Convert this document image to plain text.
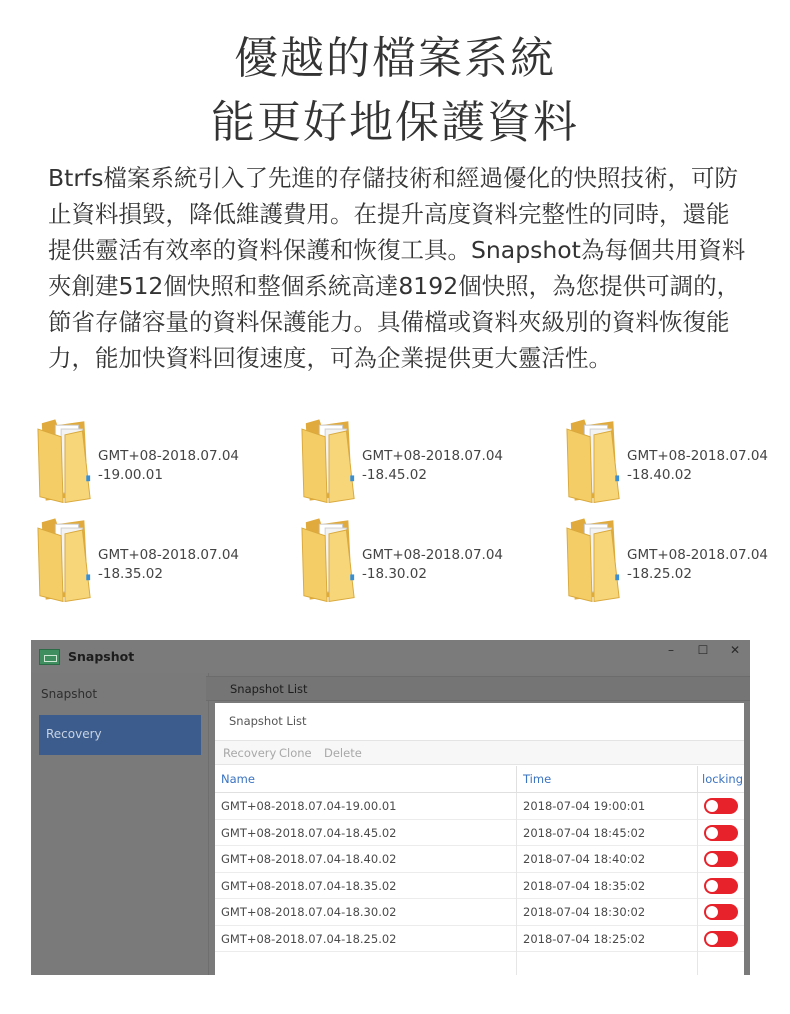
優越的檔案系統
能更好地保護資料

Btrfs檔案系統引入了先進的存儲技術和經過優化的快照技術，可防止資料損毀，降低維護費用。在提升高度資料完整性的同時，還能提供靈活有效率的資料保護和恢復工具。Snapshot為每個共用資料夾創建512個快照和整個系統高達8192個快照，為您提供可調的，節省存儲容量的資料保護能力。具備檔或資料夾級別的資料恢復能力，能加快資料回復速度，可為企業提供更大靈活性。

GMT+08-2018.07.04
-19.00.01
GMT+08-2018.07.04
-18.45.02
GMT+08-2018.07.04
-18.40.02
GMT+08-2018.07.04
-18.35.02
GMT+08-2018.07.04
-18.30.02
GMT+08-2018.07.04
-18.25.02
Snapshot	–	☐	✕
Snapshot
Recovery
Snapshot List
Snapshot List
Recovery Clone Delete
Name	Time	locking
GMT+08-2018.07.04-19.00.01	2018-07-04 19:00:01
GMT+08-2018.07.04-18.45.02	2018-07-04 18:45:02
GMT+08-2018.07.04-18.40.02	2018-07-04 18:40:02
GMT+08-2018.07.04-18.35.02	2018-07-04 18:35:02
GMT+08-2018.07.04-18.30.02	2018-07-04 18:30:02
GMT+08-2018.07.04-18.25.02	2018-07-04 18:25:02
